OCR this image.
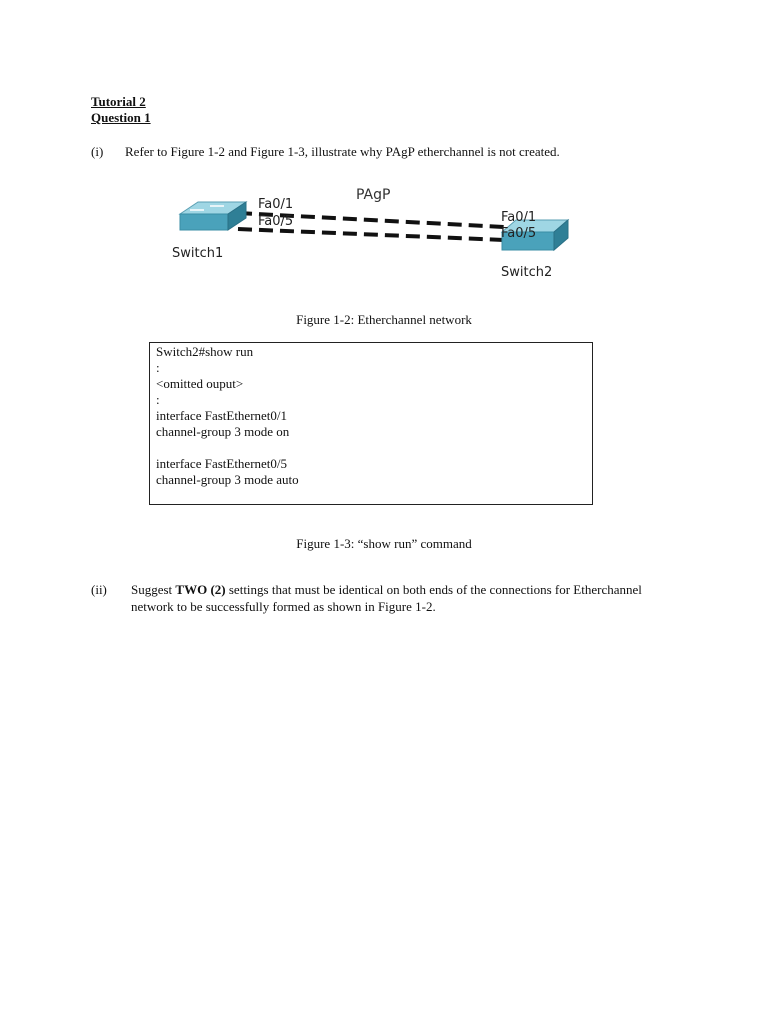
Tutorial 2
Question 1
(i) Refer to Figure 1-2 and Figure 1-3, illustrate why PAgP etherchannel is not created.
Switch1
Fa0/1
Fa0/5
PAgP
Fa0/1
Fa0/5
Switch2
Figure 1-2: Etherchannel network
Switch2#show run
:
<omitted ouput>
:
interface FastEthernet0/1
channel-group 3 mode on
interface FastEthernet0/5
channel-group 3 mode auto
Figure 1-3: “show run” command
(ii) Suggest TWO (2) settings that must be identical on both ends of the connections for Etherchannel
network to be successfully formed as shown in Figure 1-2.
